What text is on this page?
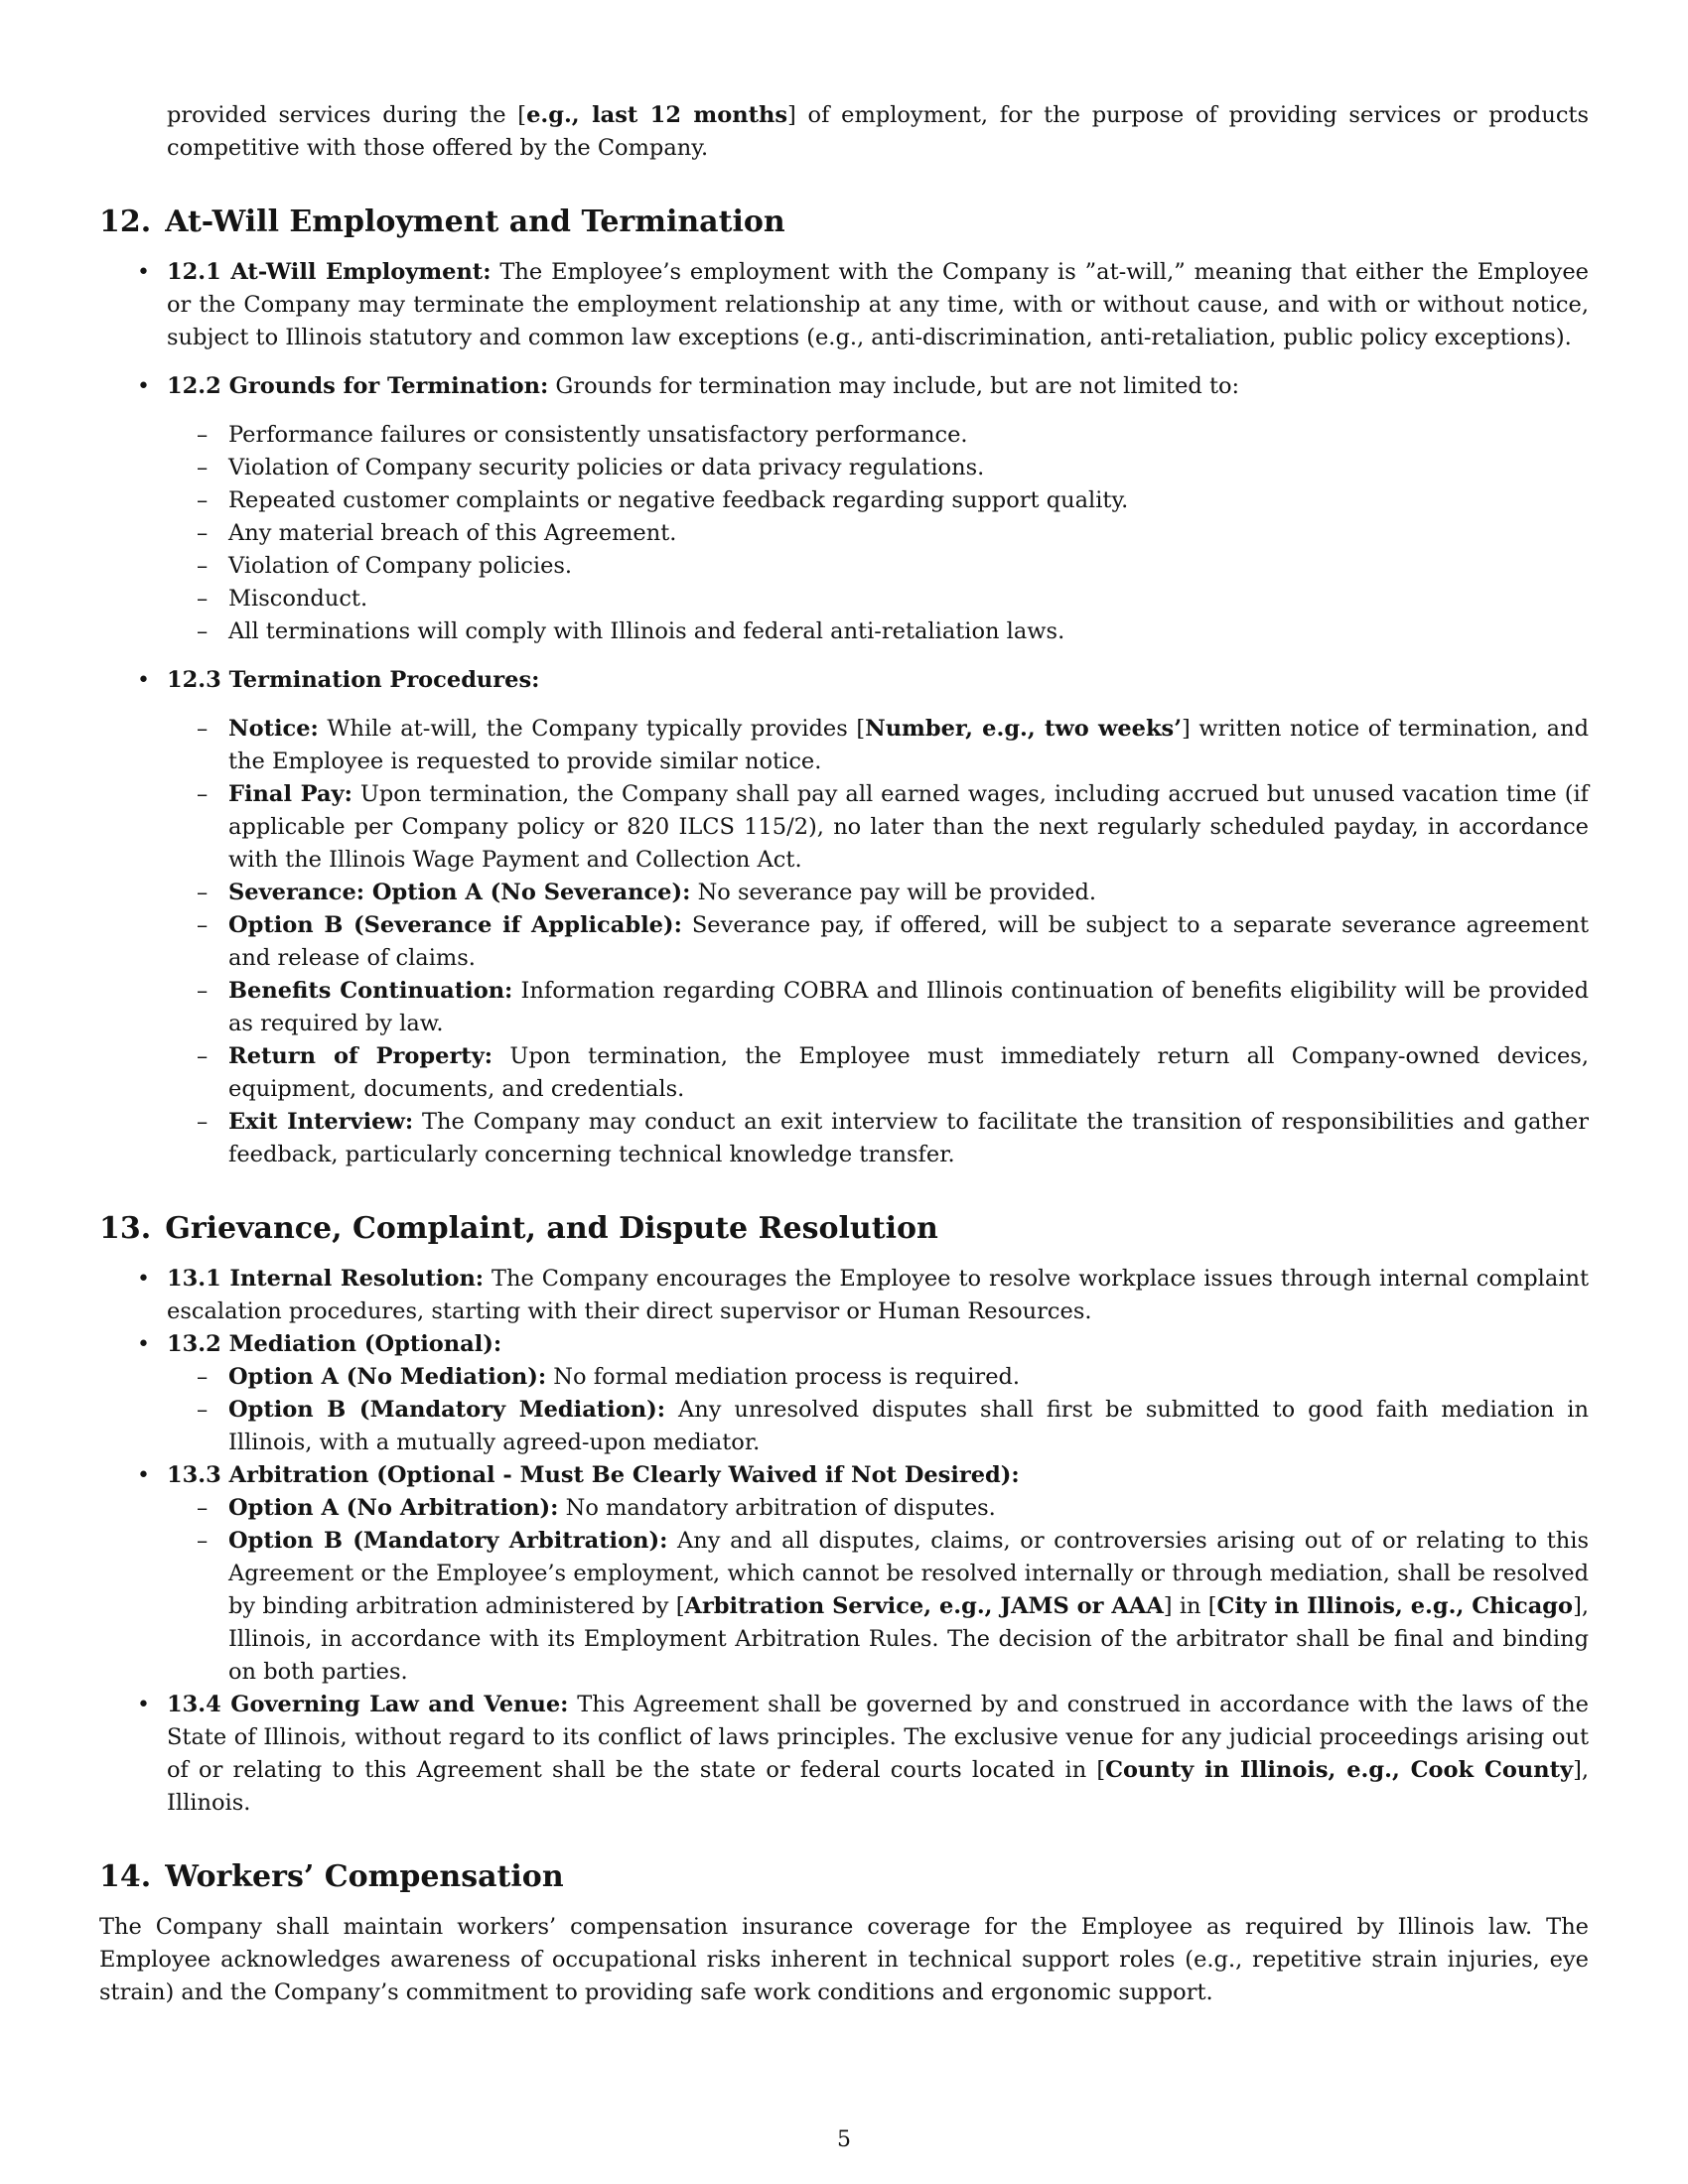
provided services during the [e.g., last 12 months] of employment, for the purpose of providing services or products competitive with those offered by the Company.

12. At-Will Employment and Termination
• 12.1 At-Will Employment: The Employee’s employment with the Company is ”at-will,” meaning that either the Employee or the Company may terminate the employment relationship at any time, with or without cause, and with or without notice, subject to Illinois statutory and common law exceptions (e.g., anti-discrimination, anti-retaliation, public policy exceptions).
• 12.2 Grounds for Termination: Grounds for termination may include, but are not limited to:
– Performance failures or consistently unsatisfactory performance.
– Violation of Company security policies or data privacy regulations.
– Repeated customer complaints or negative feedback regarding support quality.
– Any material breach of this Agreement.
– Violation of Company policies.
– Misconduct.
– All terminations will comply with Illinois and federal anti-retaliation laws.
• 12.3 Termination Procedures:
– Notice: While at-will, the Company typically provides [Number, e.g., two weeks’] written notice of termination, and the Employee is requested to provide similar notice.
– Final Pay: Upon termination, the Company shall pay all earned wages, including accrued but unused vacation time (if applicable per Company policy or 820 ILCS 115/2), no later than the next regularly scheduled payday, in accordance with the Illinois Wage Payment and Collection Act.
– Severance: Option A (No Severance): No severance pay will be provided.
– Option B (Severance if Applicable): Severance pay, if offered, will be subject to a separate severance agreement and release of claims.
– Benefits Continuation: Information regarding COBRA and Illinois continuation of benefits eligibility will be provided as required by law.
– Return of Property: Upon termination, the Employee must immediately return all Company-owned devices, equipment, documents, and credentials.
– Exit Interview: The Company may conduct an exit interview to facilitate the transition of responsibilities and gather feedback, particularly concerning technical knowledge transfer.
13. Grievance, Complaint, and Dispute Resolution
• 13.1 Internal Resolution: The Company encourages the Employee to resolve workplace issues through internal complaint escalation procedures, starting with their direct supervisor or Human Resources.
• 13.2 Mediation (Optional):
– Option A (No Mediation): No formal mediation process is required.
– Option B (Mandatory Mediation): Any unresolved disputes shall first be submitted to good faith mediation in Illinois, with a mutually agreed-upon mediator.
• 13.3 Arbitration (Optional - Must Be Clearly Waived if Not Desired):
– Option A (No Arbitration): No mandatory arbitration of disputes.
– Option B (Mandatory Arbitration): Any and all disputes, claims, or controversies arising out of or relating to this Agreement or the Employee’s employment, which cannot be resolved internally or through mediation, shall be resolved by binding arbitration administered by [Arbitration Service, e.g., JAMS or AAA] in [City in Illinois, e.g., Chicago], Illinois, in accordance with its Employment Arbitration Rules. The decision of the arbitrator shall be final and binding on both parties.
• 13.4 Governing Law and Venue: This Agreement shall be governed by and construed in accordance with the laws of the State of Illinois, without regard to its conflict of laws principles. The exclusive venue for any judicial proceedings arising out of or relating to this Agreement shall be the state or federal courts located in [County in Illinois, e.g., Cook County], Illinois.
14. Workers’ Compensation

The Company shall maintain workers’ compensation insurance coverage for the Employee as required by Illinois law. The Employee acknowledges awareness of occupational risks inherent in technical support roles (e.g., repetitive strain injuries, eye strain) and the Company’s commitment to providing safe work conditions and ergonomic support.

5
